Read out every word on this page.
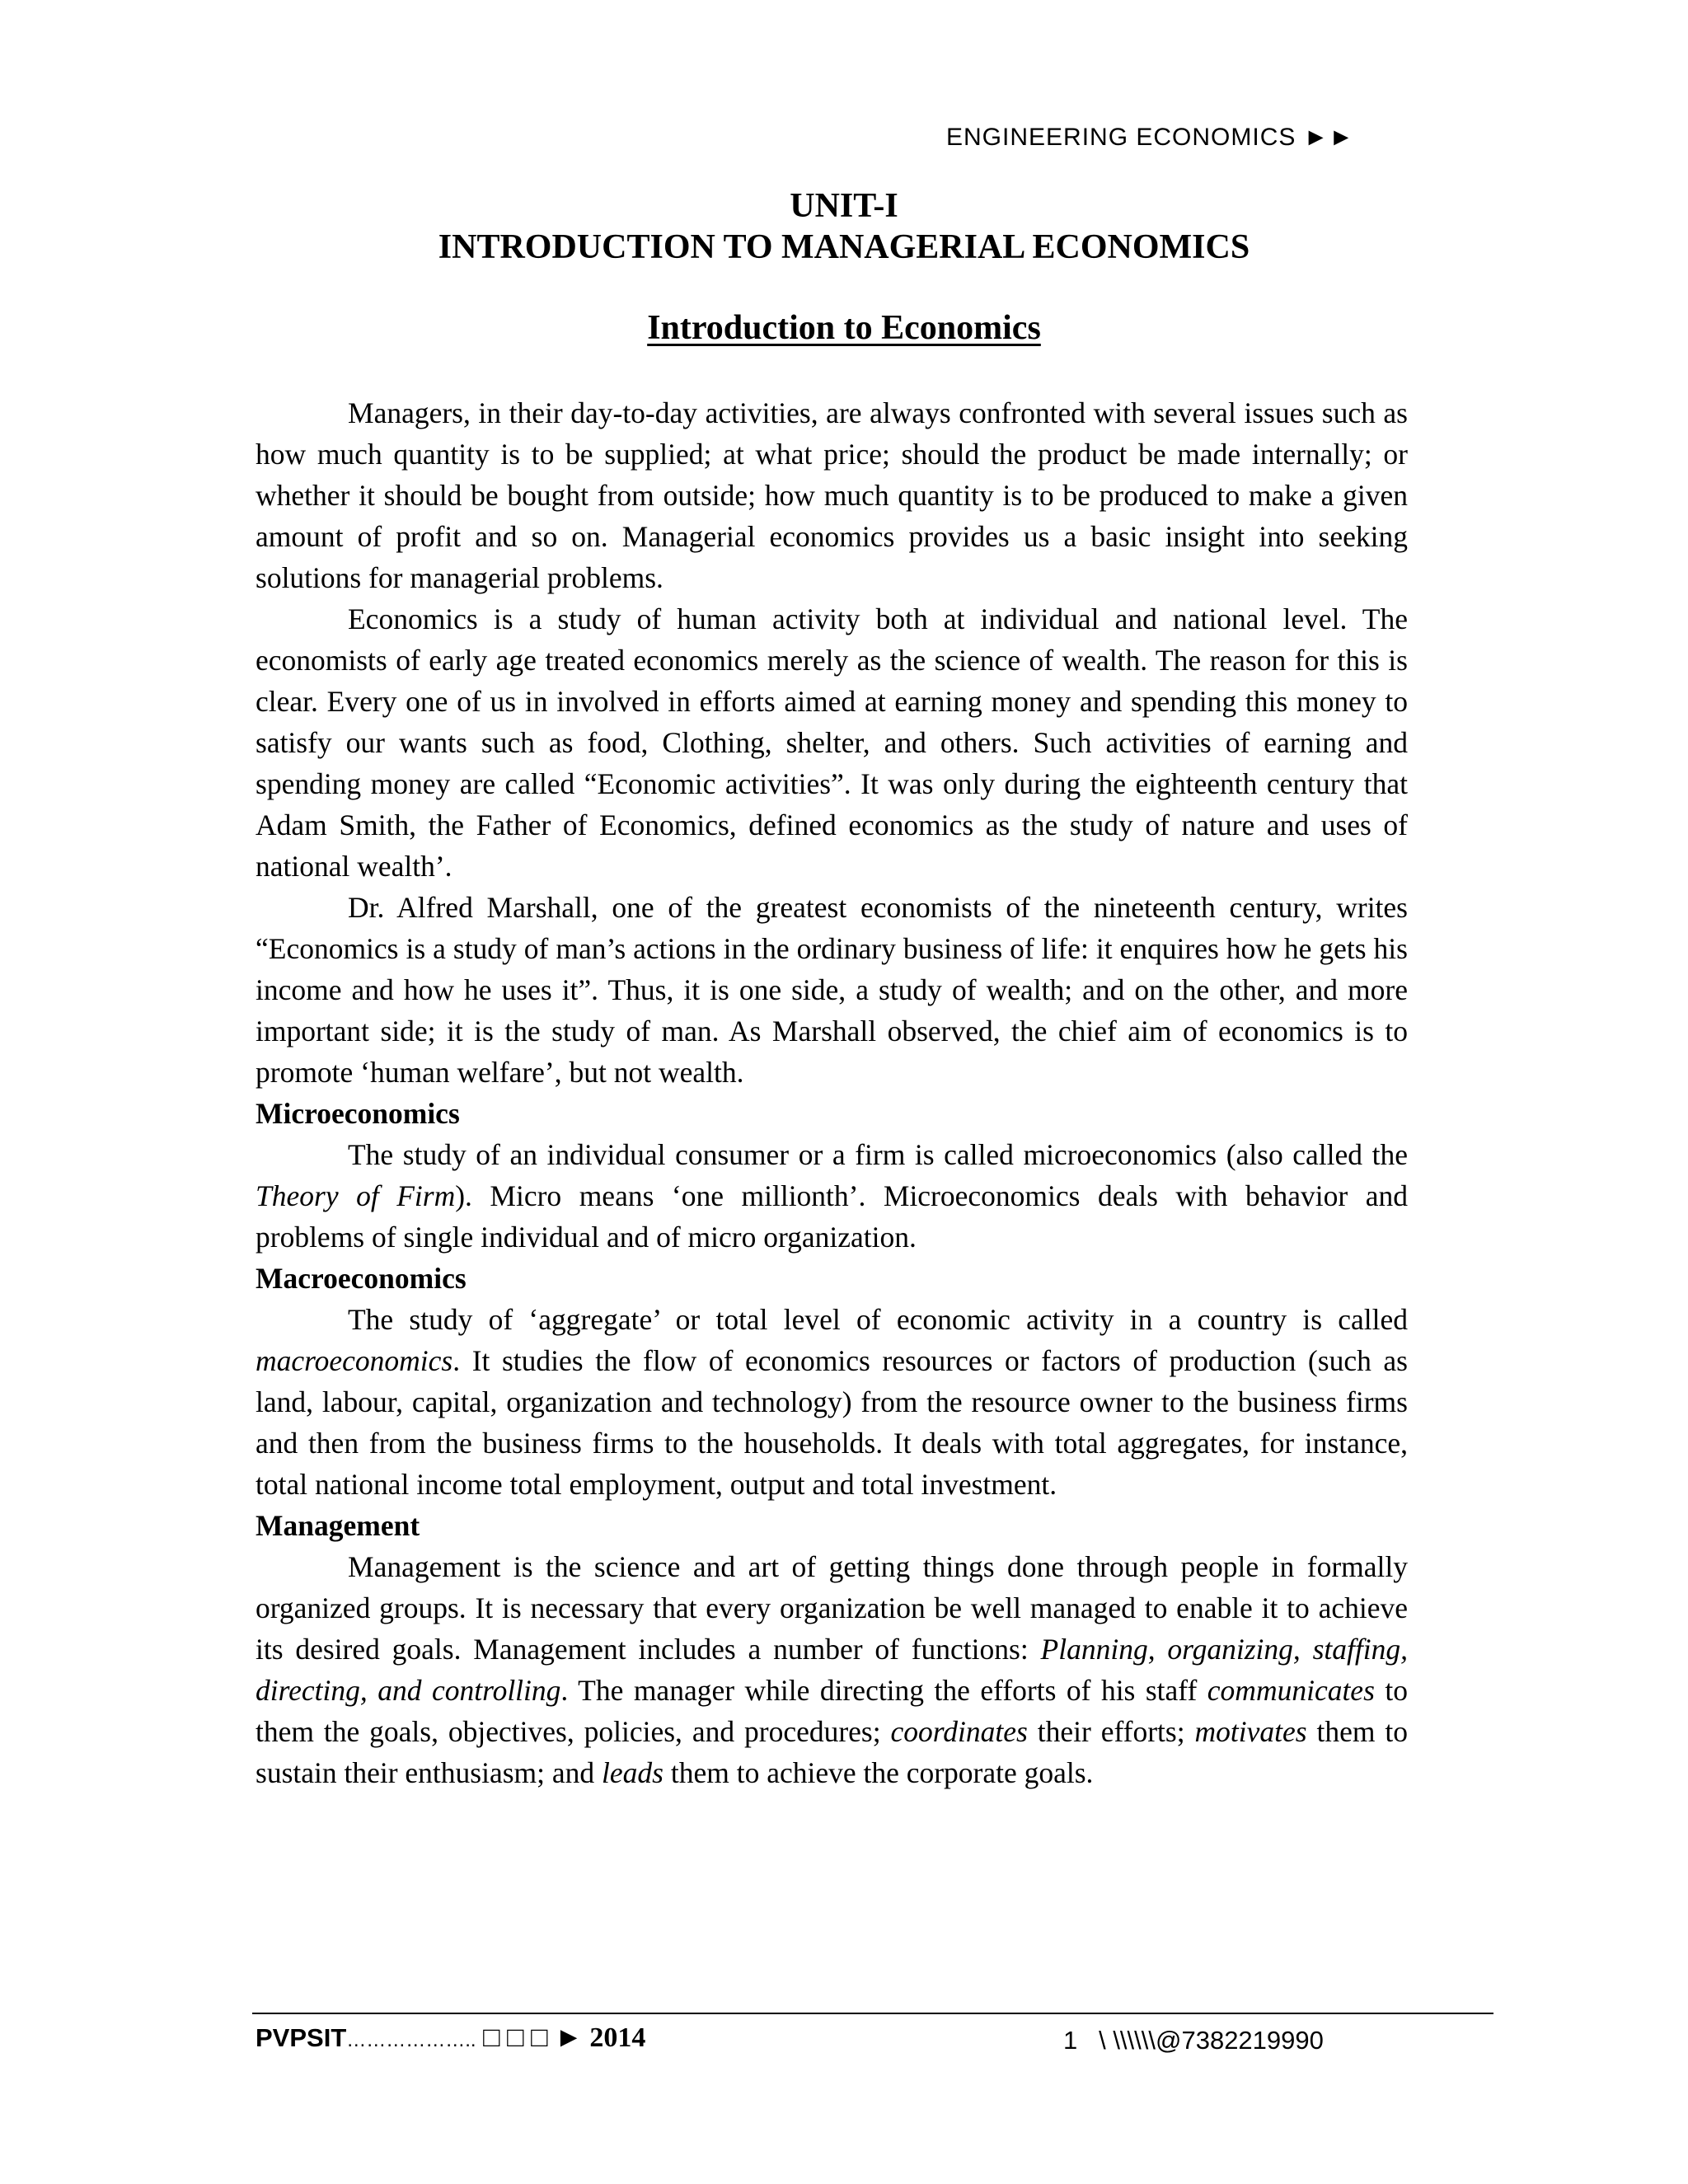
ENGINEERING ECONOMICS ►►
UNIT-I
INTRODUCTION TO MANAGERIAL ECONOMICS
Introduction to Economics

Managers, in their day-to-day activities, are always confronted with several issues such as how much quantity is to be supplied; at what price; should the product be made internally; or whether it should be bought from outside; how much quantity is to be produced to make a given amount of profit and so on. Managerial economics provides us a basic insight into seeking solutions for managerial problems.

Economics is a study of human activity both at individual and national level. The economists of early age treated economics merely as the science of wealth. The reason for this is clear. Every one of us in involved in efforts aimed at earning money and spending this money to satisfy our wants such as food, Clothing, shelter, and others. Such activities of earning and spending money are called “Economic activities”. It was only during the eighteenth century that Adam Smith, the Father of Economics, defined economics as the study of nature and uses of national wealth’.

Dr. Alfred Marshall, one of the greatest economists of the nineteenth century, writes “Economics is a study of man’s actions in the ordinary business of life: it enquires how he gets his income and how he uses it”. Thus, it is one side, a study of wealth; and on the other, and more important side; it is the study of man. As Marshall observed, the chief aim of economics is to promote ‘human welfare’, but not wealth.

Microeconomics

The study of an individual consumer or a firm is called microeconomics (also called the Theory of Firm). Micro means ‘one millionth’. Microeconomics deals with behavior and problems of single individual and of micro organization.

Macroeconomics

The study of ‘aggregate’ or total level of economic activity in a country is called macroeconomics. It studies the flow of economics resources or factors of production (such as land, labour, capital, organization and technology) from the resource owner to the business firms and then from the business firms to the households. It deals with total aggregates, for instance, total national income total employment, output and total investment.

Management

Management is the science and art of getting things done through people in formally organized groups. It is necessary that every organization be well managed to enable it to achieve its desired goals. Management includes a number of functions: Planning, organizing, staffing, directing, and controlling. The manager while directing the efforts of his staff communicates to them the goals, objectives, policies, and procedures; coordinates their efforts; motivates them to sustain their enthusiasm; and leads them to achieve the corporate goals.

PVPSIT……………….. □ □ □ ► 2014	1 \ \\\\\\@7382219990
